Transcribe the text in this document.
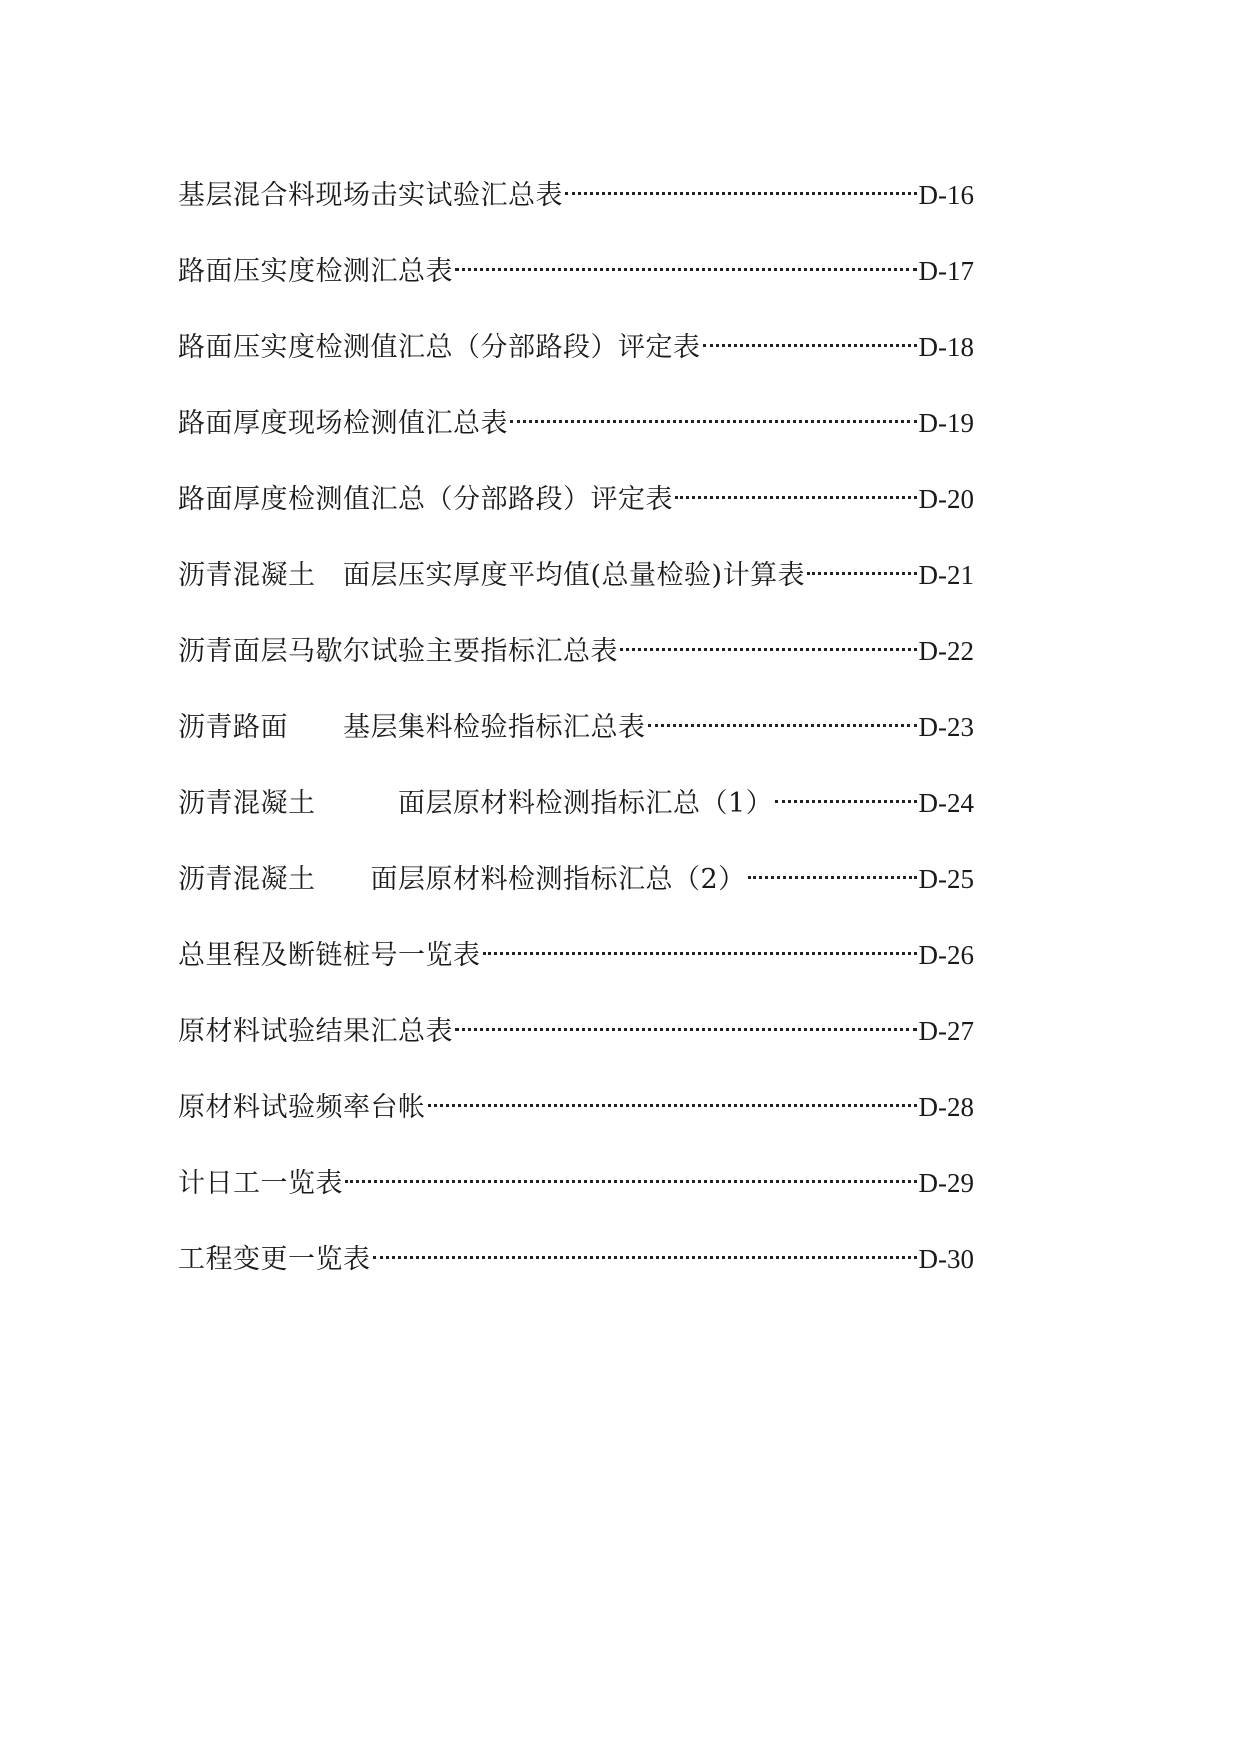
基层混合料现场击实试验汇总表	D-16
路面压实度检测汇总表	D-17
路面压实度检测值汇总（分部路段）评定表	D-18
路面厚度现场检测值汇总表	D-19
路面厚度检测值汇总（分部路段）评定表	D-20
沥青混凝土　面层压实厚度平均值(总量检验)计算表	D-21
沥青面层马歇尔试验主要指标汇总表	D-22
沥青路面　　基层集料检验指标汇总表	D-23
沥青混凝土　　　面层原材料检测指标汇总（1）	D-24
沥青混凝土　　面层原材料检测指标汇总（2）	D-25
总里程及断链桩号一览表	D-26
原材料试验结果汇总表	D-27
原材料试验频率台帐	D-28
计日工一览表	D-29
工程变更一览表	D-30
